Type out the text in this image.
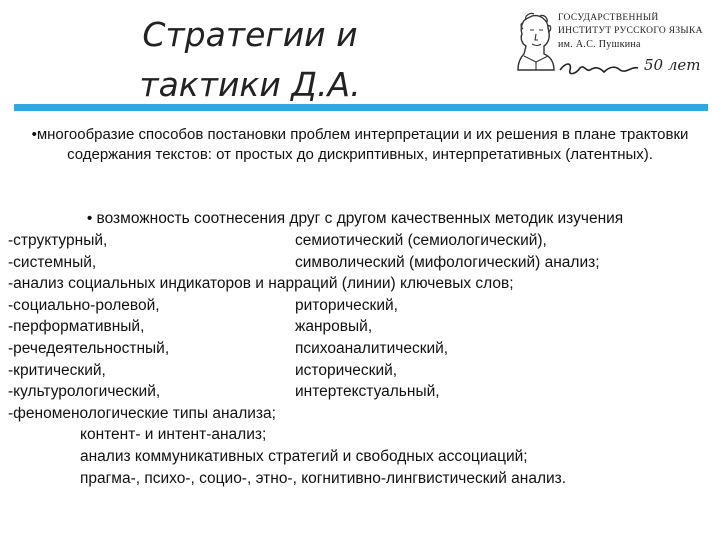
Стратегии и
тактики Д.А.
ГОСУДАРСТВЕННЫЙ
ИНСТИТУТ РУССКОГО ЯЗЫКА
им. А.С. Пушкина
50 лет
•многообразие способов постановки проблем интерпретации и их решения в плане трактовки содержания текстов: от простых до дискриптивных, интерпретативных (латентных).
• возможность соотнесения друг с другом качественных методик изучения
-структурный,	семиотический (семиологический),
-системный,	символический (мифологический) анализ;
-анализ социальных индикаторов и нарраций (линии) ключевых слов;
-социально-ролевой,	риторический,
-перформативный,	жанровый,
-речедеятельностный,	психоаналитический,
-критический,	исторический,
-культурологический,	интертекстуальный,
-феноменологические типы анализа;
контент- и интент-анализ;
анализ коммуникативных стратегий и свободных ассоциаций;
прагма-, психо-, социо-, этно-, когнитивно-лингвистический анализ.
